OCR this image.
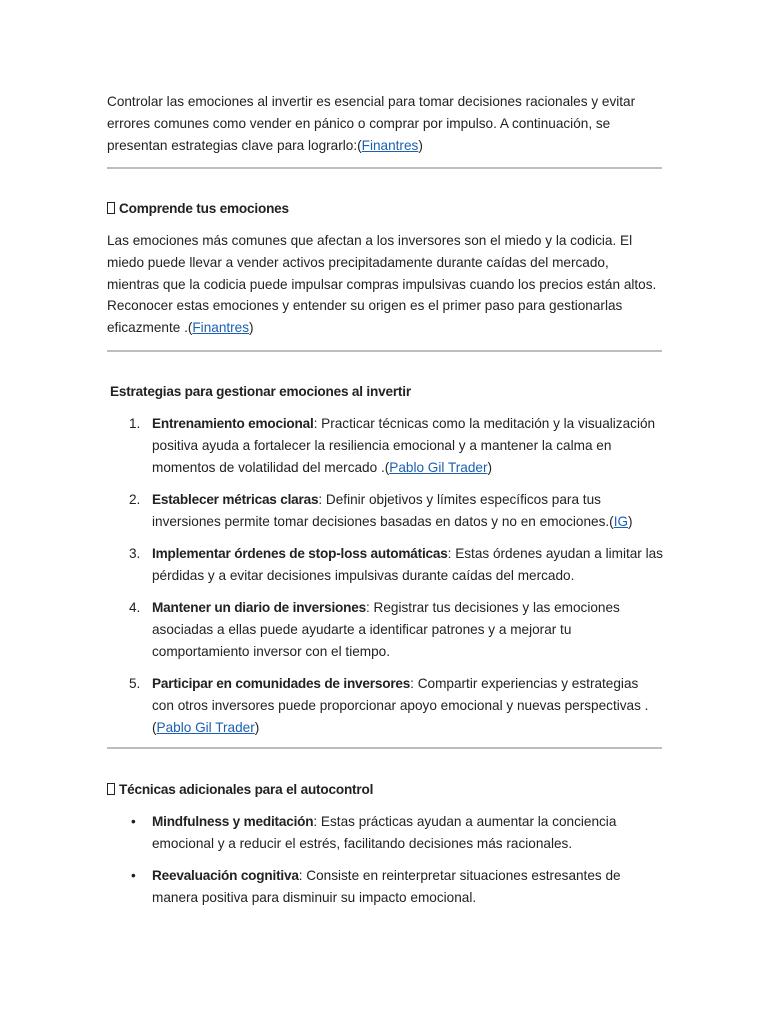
Controlar las emociones al invertir es esencial para tomar decisiones racionales y evitar errores comunes como vender en pánico o comprar por impulso. A continuación, se presentan estrategias clave para lograrlo:(Finantres)

Comprende tus emociones

Las emociones más comunes que afectan a los inversores son el miedo y la codicia. El miedo puede llevar a vender activos precipitadamente durante caídas del mercado, mientras que la codicia puede impulsar compras impulsivas cuando los precios están altos. Reconocer estas emociones y entender su origen es el primer paso para gestionarlas eficazmente .(Finantres)

Estrategias para gestionar emociones al invertir
1. Entrenamiento emocional: Practicar técnicas como la meditación y la visualización positiva ayuda a fortalecer la resiliencia emocional y a mantener la calma en momentos de volatilidad del mercado .(Pablo Gil Trader)
2. Establecer métricas claras: Definir objetivos y límites específicos para tus inversiones permite tomar decisiones basadas en datos y no en emociones.(IG)
3. Implementar órdenes de stop-loss automáticas: Estas órdenes ayudan a limitar las pérdidas y a evitar decisiones impulsivas durante caídas del mercado.
4. Mantener un diario de inversiones: Registrar tus decisiones y las emociones asociadas a ellas puede ayudarte a identificar patrones y a mejorar tu comportamiento inversor con el tiempo.
5. Participar en comunidades de inversores: Compartir experiencias y estrategias con otros inversores puede proporcionar apoyo emocional y nuevas perspectivas . (Pablo Gil Trader)
Técnicas adicionales para el autocontrol
• Mindfulness y meditación: Estas prácticas ayudan a aumentar la conciencia emocional y a reducir el estrés, facilitando decisiones más racionales.
• Reevaluación cognitiva: Consiste en reinterpretar situaciones estresantes de manera positiva para disminuir su impacto emocional.
